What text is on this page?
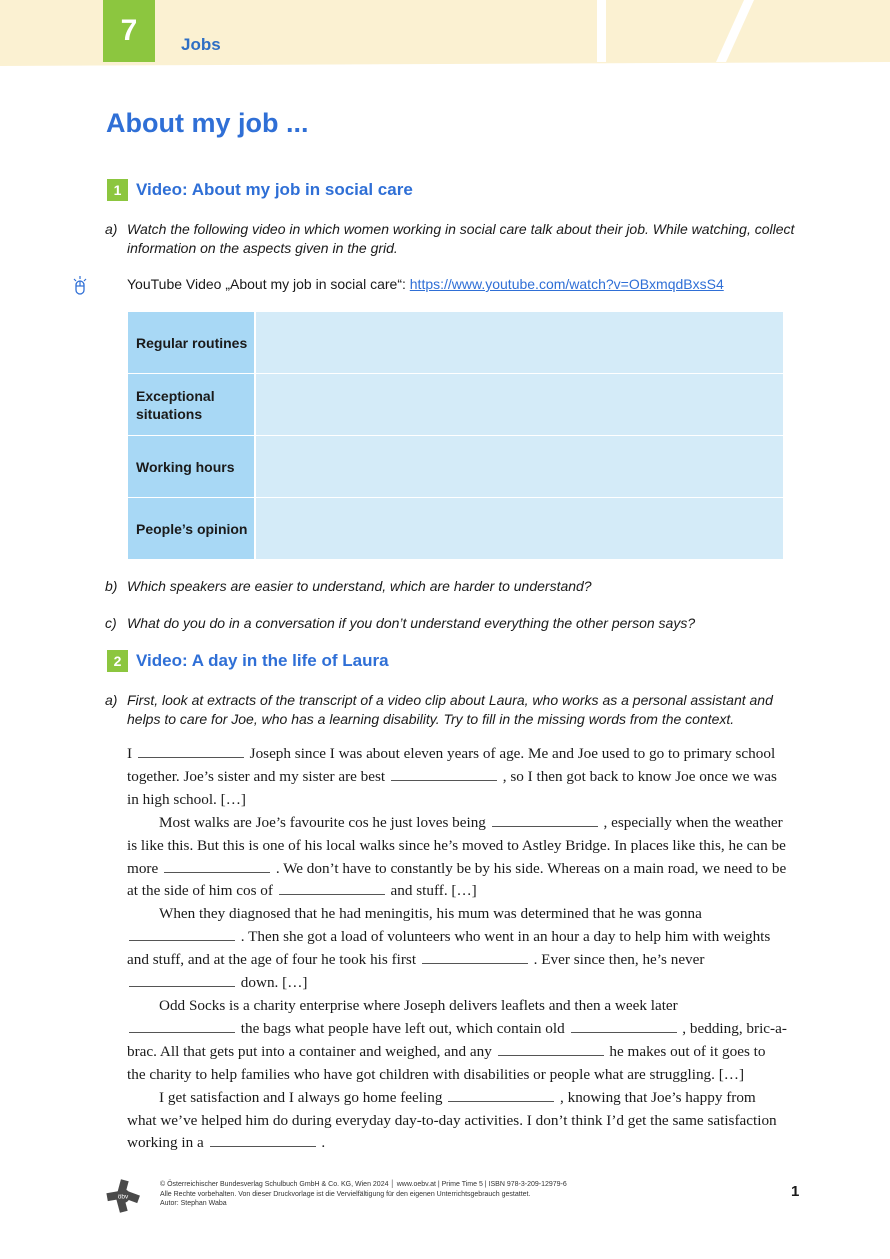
7	Jobs
About my job ...
1 Video: About my job in social care
a) Watch the following video in which women working in social care talk about their job. While watching, collect information on the aspects given in the grid.
YouTube Video „About my job in social care“: https://www.youtube.com/watch?v=OBxmqdBxsS4
Regular routines
Exceptional situations
Working hours
People’s opinion
b) Which speakers are easier to understand, which are harder to understand?
c) What do you do in a conversation if you don’t understand everything the other person says?
2 Video: A day in the life of Laura
a) First, look at extracts of the transcript of a video clip about Laura, who works as a personal assistant and helps to care for Joe, who has a learning disability. Try to fill in the missing words from the context.

I	Joseph since I was about eleven years of age. Me and Joe used to go to primary school together. Joe’s sister and my sister are best	, so I then got back to know Joe once we was in high school. […]

Most walks are Joe’s favourite cos he just loves being	, especially when the weather is like this. But this is one of his local walks since he’s moved to Astley Bridge. In places like this, he can be more	. We don’t have to constantly be by his side. Whereas on a main road, we need to be at the side of him cos of	and stuff. […]

When they diagnosed that he had meningitis, his mum was determined that he was gonna  . Then she got a load of volunteers who went in an hour a day to help him with weights and stuff, and at the age of four he took his first	. Ever since then, he’s never  down. […]

Odd Socks is a charity enterprise where Joseph delivers leaflets and then a week later  the bags what people have left out, which contain old	, bedding, bric-a-brac. All that gets put into a container and weighed, and any	he makes out of it goes to the charity to help families who have got children with disabilities or people what are struggling. […]

I get satisfaction and I always go home feeling	, knowing that Joe’s happy from what we’ve helped him do during everyday day-to-day activities. I don’t think I’d get the same satisfaction working in a	.

öbv
© Österreichischer Bundesverlag Schulbuch GmbH & Co. KG, Wien 2024 │ www.oebv.at | Prime Time 5 | ISBN 978-3-209-12979-6
Alle Rechte vorbehalten. Von dieser Druckvorlage ist die Vervielfältigung für den eigenen Unterrichtsgebrauch gestattet.
Autor: Stephan Waba
1
